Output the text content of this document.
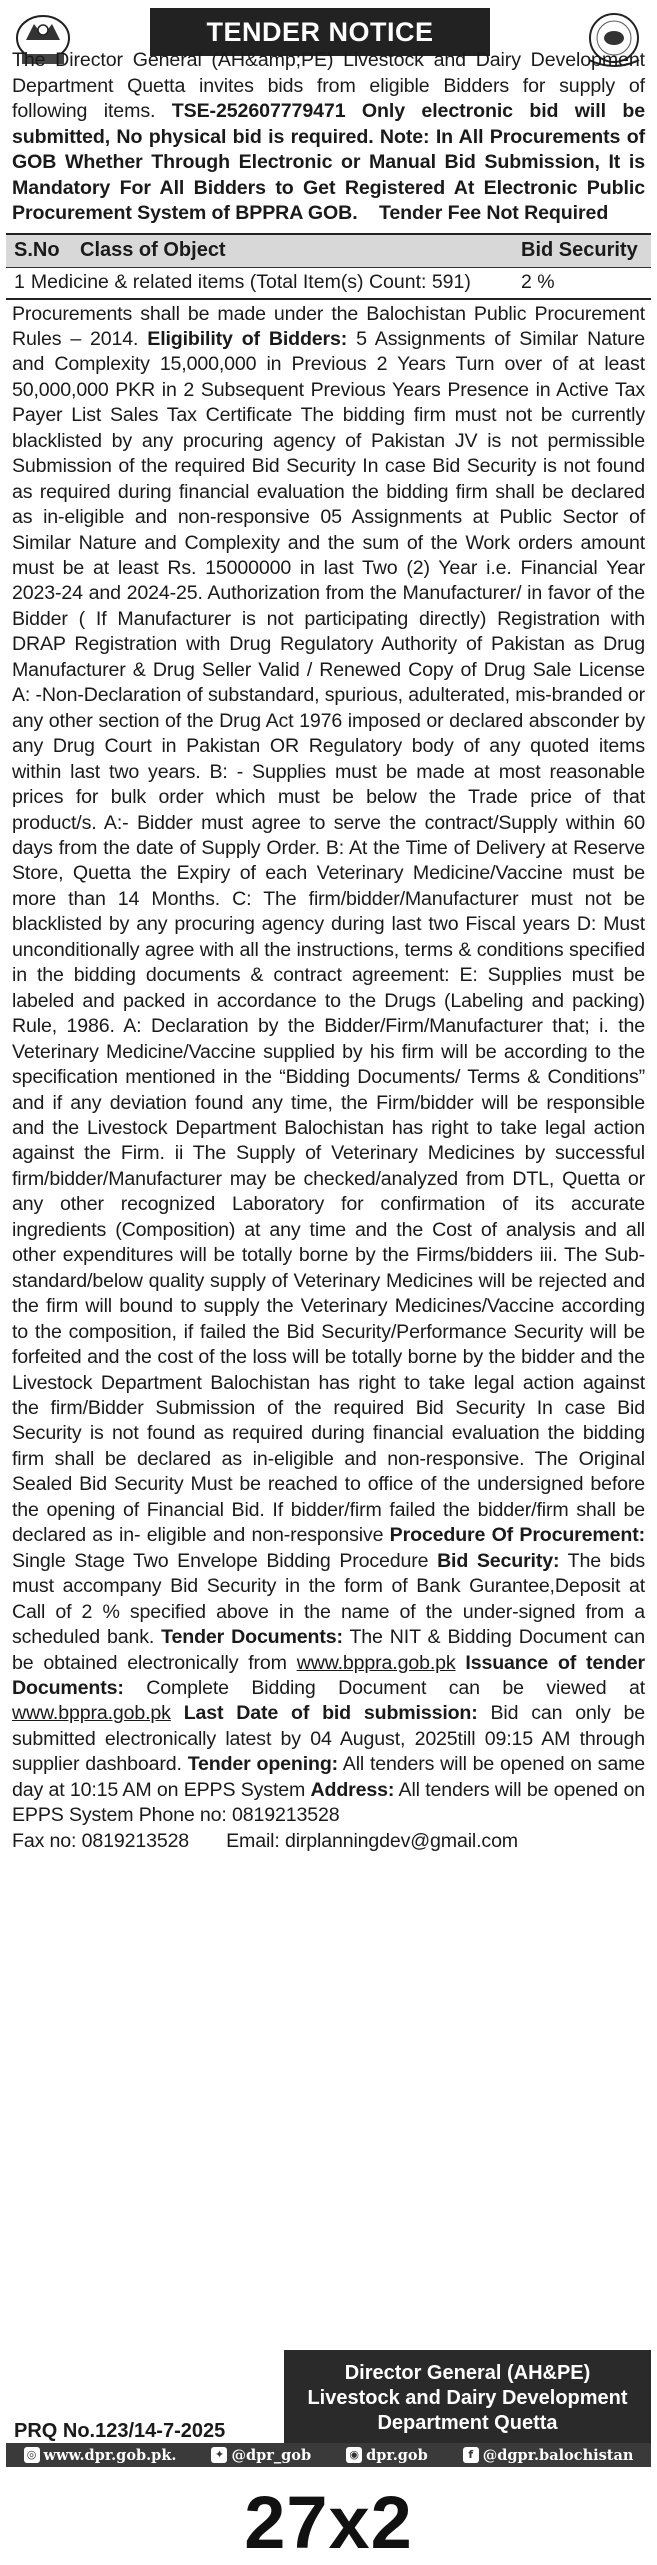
TENDER NOTICE
The Director General (AH&amp;PE) Livestock and Dairy Development Department Quetta invites bids from eligible Bidders for supply of following items. TSE-252607779471 Only electronic bid will be submitted, No physical bid is required. Note: In All Procurements of GOB Whether Through Electronic or Manual Bid Submission, It is Mandatory For All Bidders to Get Registered At Electronic Public Procurement System of BPPRA GOB. Tender Fee Not Required
S.No	Class of Object	Bid Security
1 Medicine & related items (Total Item(s) Count: 591)	2 %
Procurements shall be made under the Balochistan Public Procurement Rules – 2014. Eligibility of Bidders: 5 Assignments of Similar Nature and Complexity 15,000,000 in Previous 2 Years Turn over of at least 50,000,000 PKR in 2 Subsequent Previous Years Presence in Active Tax Payer List Sales Tax Certificate The bidding firm must not be currently blacklisted by any procuring agency of Pakistan JV is not permissible Submission of the required Bid Security In case Bid Security is not found as required during financial evaluation the bidding firm shall be declared as in-eligible and non-responsive 05 Assignments at Public Sector of Similar Nature and Complexity and the sum of the Work orders amount must be at least Rs. 15000000 in last Two (2) Year i.e. Financial Year 2023-24 and 2024-25. Authorization from the Manufacturer/ in favor of the Bidder ( If Manufacturer is not participating directly) Registration with DRAP Registration with Drug Regulatory Authority of Pakistan as Drug Manufacturer & Drug Seller Valid / Renewed Copy of Drug Sale License A: -Non-Declaration of substandard, spurious, adulterated, mis-branded or any other section of the Drug Act 1976 imposed or declared absconder by any Drug Court in Pakistan OR Regulatory body of any quoted items within last two years. B: - Supplies must be made at most reasonable prices for bulk order which must be below the Trade price of that product/s. A:- Bidder must agree to serve the contract/Supply within 60 days from the date of Supply Order. B: At the Time of Delivery at Reserve Store, Quetta the Expiry of each Veterinary Medicine/Vaccine must be more than 14 Months. C: The firm/bidder/Manufacturer must not be blacklisted by any procuring agency during last two Fiscal years D: Must unconditionally agree with all the instructions, terms & conditions specified in the bidding documents & contract agreement: E: Supplies must be labeled and packed in accordance to the Drugs (Labeling and packing) Rule, 1986. A: Declaration by the Bidder/Firm/Manufacturer that; i. the Veterinary Medicine/Vaccine supplied by his firm will be according to the specification mentioned in the “Bidding Documents/ Terms & Conditions” and if any deviation found any time, the Firm/bidder will be responsible and the Livestock Department Balochistan has right to take legal action against the Firm. ii The Supply of Veterinary Medicines by successful firm/bidder/Manufacturer may be checked/analyzed from DTL, Quetta or any other recognized Laboratory for confirmation of its accurate ingredients (Composition) at any time and the Cost of analysis and all other expenditures will be totally borne by the Firms/bidders iii. The Sub-standard/below quality supply of Veterinary Medicines will be rejected and the firm will bound to supply the Veterinary Medicines/Vaccine according to the composition, if failed the Bid Security/Performance Security will be forfeited and the cost of the loss will be totally borne by the bidder and the Livestock Department Balochistan has right to take legal action against the firm/Bidder Submission of the required Bid Security In case Bid Security is not found as required during financial evaluation the bidding firm shall be declared as in-eligible and non-responsive. The Original Sealed Bid Security Must be reached to office of the undersigned before the opening of Financial Bid. If bidder/firm failed the bidder/firm shall be declared as in- eligible and non-responsive Procedure Of Procurement: Single Stage Two Envelope Bidding Procedure Bid Security: The bids must accompany Bid Security in the form of Bank Gurantee,Deposit at Call of 2 % specified above in the name of the under-signed from a scheduled bank. Tender Documents: The NIT & Bidding Document can be obtained electronically from www.bppra.gob.pk Issuance of tender Documents: Complete Bidding Document can be viewed at www.bppra.gob.pk Last Date of bid submission: Bid can only be submitted electronically latest by 04 August, 2025till 09:15 AM through supplier dashboard. Tender opening: All tenders will be opened on same day at 10:15 AM on EPPS System Address: All tenders will be opened on EPPS System Phone no: 0819213528
Fax no: 0819213528 Email: dirplanningdev@gmail.com
Director General (AH&PE)
Livestock and Dairy Development
Department Quetta
PRQ No.123/14-7-2025
◎ www.dpr.gob.pk.	✦ @dpr_gob	◉ dpr.gob	f @dgpr.balochistan
27x2
